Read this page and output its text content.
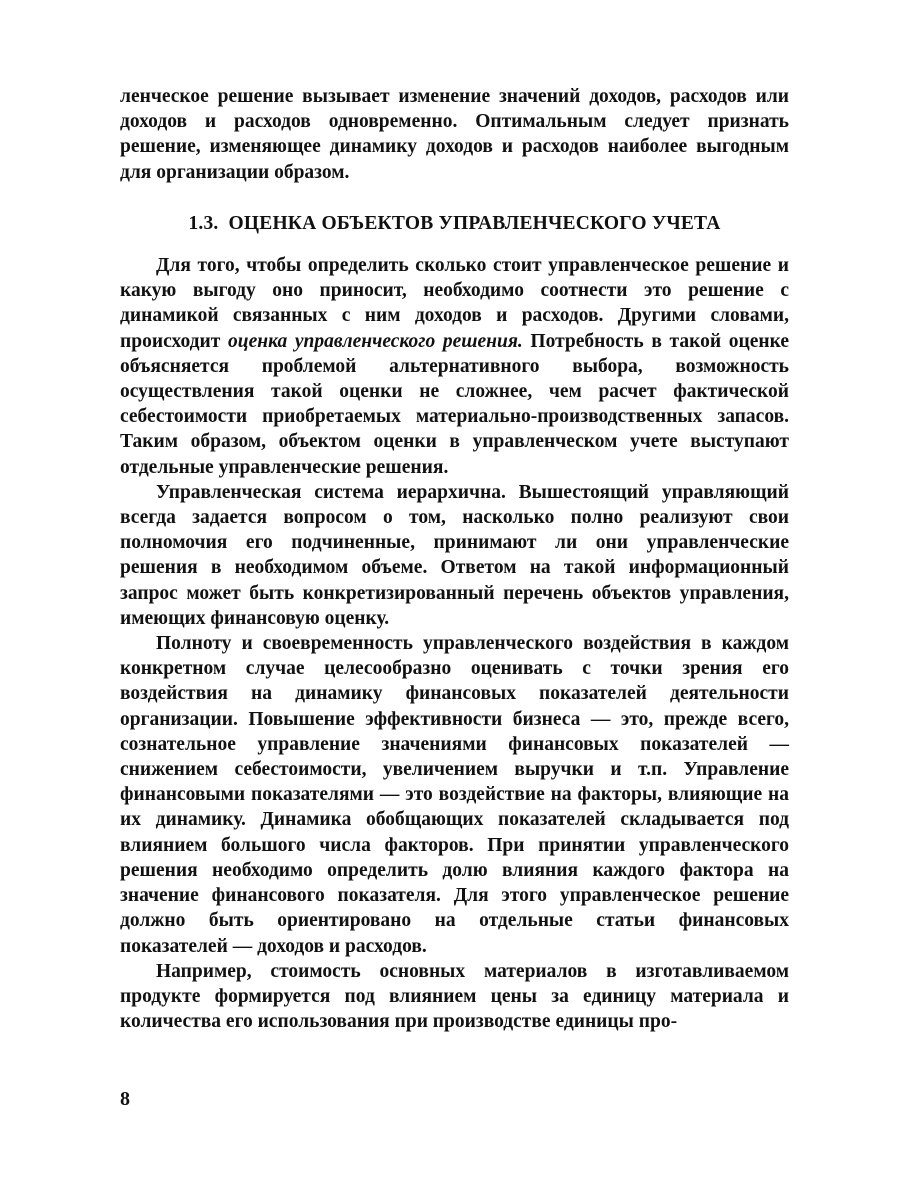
ленческое решение вызывает изменение значений доходов, расходов или доходов и расходов одновременно. Оптимальным следует признать решение, изменяющее динамику доходов и расходов наиболее выгодным для организации образом.

1.3. ОЦЕНКА ОБЪЕКТОВ УПРАВЛЕНЧЕСКОГО УЧЕТА

Для того, чтобы определить сколько стоит управленческое решение и какую выгоду оно приносит, необходимо соотнести это решение с динамикой связанных с ним доходов и расходов. Другими словами, происходит оценка управленческого решения. Потребность в такой оценке объясняется проблемой альтернативного выбора, возможность осуществления такой оценки не сложнее, чем расчет фактической себестоимости приобретаемых материально-производственных запасов. Таким образом, объектом оценки в управленческом учете выступают отдельные управленческие решения.

Управленческая система иерархична. Вышестоящий управляющий всегда задается вопросом о том, насколько полно реализуют свои полномочия его подчиненные, принимают ли они управленческие решения в необходимом объеме. Ответом на такой информационный запрос может быть конкретизированный перечень объектов управления, имеющих финансовую оценку.

Полноту и своевременность управленческого воздействия в каждом конкретном случае целесообразно оценивать с точки зрения его воздействия на динамику финансовых показателей деятельности организации. Повышение эффективности бизнеса — это, прежде всего, сознательное управление значениями финансовых показателей — снижением себестоимости, увеличением выручки и т.п. Управление финансовыми показателями — это воздействие на факторы, влияющие на их динамику. Динамика обобщающих показателей складывается под влиянием большого числа факторов. При принятии управленческого решения необходимо определить долю влияния каждого фактора на значение финансового показателя. Для этого управленческое решение должно быть ориентировано на отдельные статьи финансовых показателей — доходов и расходов.

Например, стоимость основных материалов в изготавливаемом продукте формируется под влиянием цены за единицу материала и количества его использования при производстве единицы про-

8
